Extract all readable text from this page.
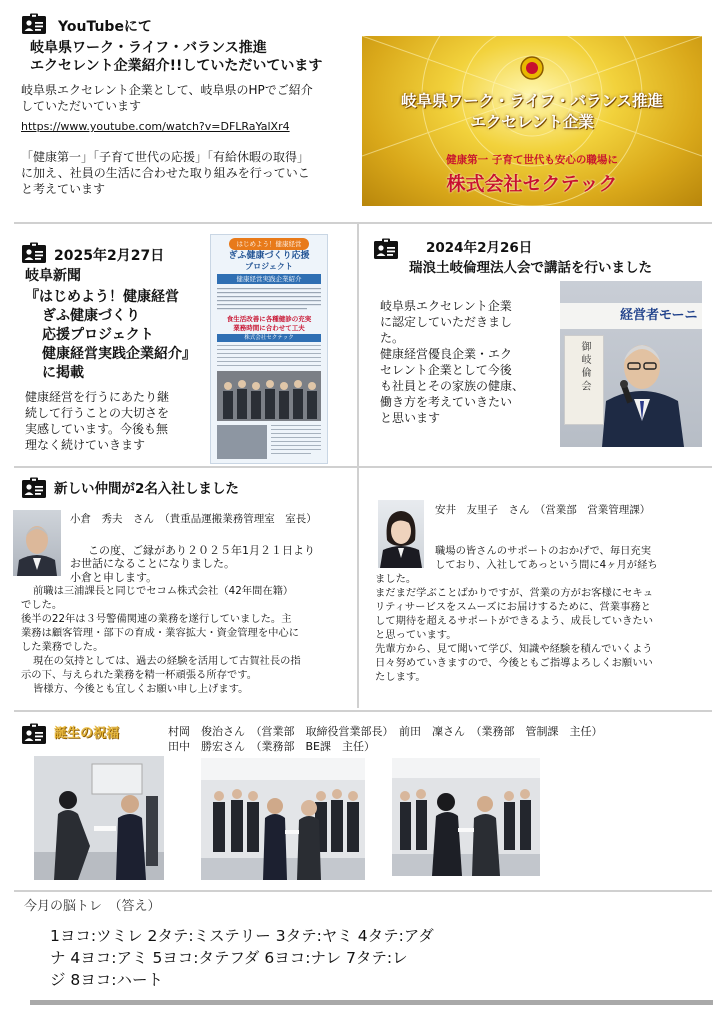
YouTubeにて
岐阜県ワーク・ライフ・バランス推進
エクセレント企業紹介!!していただいています
岐阜県エクセレント企業として、岐阜県のHPでご紹介
していただいています
https://www.youtube.com/watch?v=DFLRaYalXr4
「健康第一」「子育て世代の応援」「有給休暇の取得」
に加え、社員の生活に合わせた取り組みを行っていこ
と考えています
岐阜県ワーク・ライフ・バランス推進
エクセレント企業
健康第一 子育て世代も安心の職場に
株式会社セクテック
2025年2月27日
岐阜新聞
『はじめよう！健康経営
ぎふ健康づくり
応援プロジェクト
健康経営実践企業紹介』
に掲載
健康経営を行うにあたり継
続して行うことの大切さを
実感しています。今後も無
理なく続けていきます
はじめよう！健康経営
ぎふ健康づくり応援
プロジェクト
健康経営実践企業紹介
食生活改善に各種健診の充実
業務時間に合わせて工夫
株式会社セクテック
2024年2月26日
瑞浪土岐倫理法人会で講話を行いました
岐阜県エクセレント企業
に認定していただきまし
た。
健康経営優良企業・エク
セレント企業として今後
も社員とその家族の健康、
働き方を考えていきたい
と思います
経営者モーニ
御 岐 倫 会
新しい仲間が2名入社しました
小倉　秀夫　さん　（貴重品運搬業務管理室　室長）
この度、ご縁があり２０２５年1月２１日より
お世話になることになりました。
小倉と申します。
前職は三浦課長と同じでセコム株式会社（42年間在籍）
でした。
後半の22年は３号警備関連の業務を遂行していました。主
業務は顧客管理・部下の育成・業容拡大・資金管理を中心に
した業務でした。
現在の気持としては、過去の経験を活用して古賀社長の指
示の下、与えられた業務を精一杯頑張る所存です。
皆様方、今後とも宜しくお願い申し上げます。
安井　友里子　さん　（営業部　営業管理課）
職場の皆さんのサポートのおかげで、毎日充実
しており、入社してあっという間に4ヶ月が経ち
ました。
まだまだ学ぶことばかりですが、営業の方がお客様にセキュ
リティサービスをスムーズにお届けするために、営業事務と
して期待を超えるサポートができるよう、成長していきたい
と思っています。
先輩方から、見て聞いて学び、知識や経験を積んでいくよう
日々努めていきますので、今後ともご指導よろしくお願いい
たします。
誕生の祝福	村岡　俊治さん　（営業部　取締役営業部長）　前田　凜さん　（業務部　管制課　主任）
田中　勝宏さん　（業務部　BE課　主任）
今月の脳トレ　（答え）
1ヨコ:ツミレ 2タテ:ミステリー 3タテ:ヤミ 4タテ:アダ
ナ 4ヨコ:アミ 5ヨコ:タテフダ 6ヨコ:ナレ 7タテ:レ
ジ 8ヨコ:ハート
